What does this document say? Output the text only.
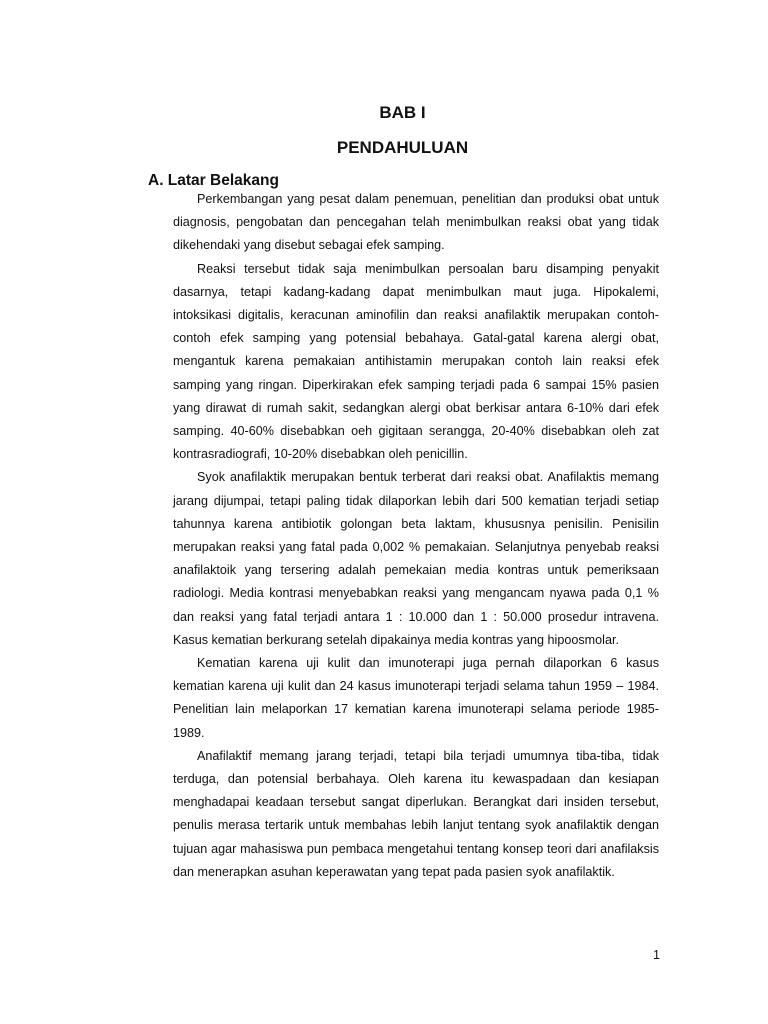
BAB I
PENDAHULUAN
A. Latar Belakang

Perkembangan yang pesat dalam penemuan, penelitian dan produksi obat untuk diagnosis, pengobatan dan pencegahan telah menimbulkan reaksi obat yang tidak dikehendaki yang disebut sebagai efek samping.

Reaksi tersebut tidak saja menimbulkan persoalan baru disamping penyakit dasarnya, tetapi kadang-kadang dapat menimbulkan maut juga. Hipokalemi, intoksikasi digitalis, keracunan aminofilin dan reaksi anafilaktik merupakan contoh-contoh efek samping yang potensial bebahaya. Gatal-gatal karena alergi obat, mengantuk karena pemakaian antihistamin merupakan contoh lain reaksi efek samping yang ringan. Diperkirakan efek samping terjadi pada 6 sampai 15% pasien yang dirawat di rumah sakit, sedangkan alergi obat berkisar antara 6-10% dari efek samping. 40-60% disebabkan oeh gigitaan serangga, 20-40% disebabkan oleh zat kontrasradiografi, 10-20% disebabkan oleh penicillin.

Syok anafilaktik merupakan bentuk terberat dari reaksi obat. Anafilaktis memang jarang dijumpai, tetapi paling tidak dilaporkan lebih dari 500 kematian terjadi setiap tahunnya karena antibiotik golongan beta laktam, khususnya penisilin. Penisilin merupakan reaksi yang fatal pada 0,002 % pemakaian. Selanjutnya penyebab reaksi anafilaktoik yang tersering adalah pemekaian media kontras untuk pemeriksaan radiologi. Media kontrasi menyebabkan reaksi yang mengancam nyawa pada 0,1 % dan reaksi yang fatal terjadi antara 1 : 10.000 dan 1 : 50.000 prosedur intravena. Kasus kematian berkurang setelah dipakainya media kontras yang hipoosmolar.

Kematian karena uji kulit dan imunoterapi juga pernah dilaporkan 6 kasus kematian karena uji kulit dan 24 kasus imunoterapi terjadi selama tahun 1959 – 1984. Penelitian lain melaporkan 17 kematian karena imunoterapi selama periode 1985-1989.

Anafilaktif memang jarang terjadi, tetapi bila terjadi umumnya tiba-tiba, tidak terduga, dan potensial berbahaya. Oleh karena itu kewaspadaan dan kesiapan menghadapai keadaan tersebut sangat diperlukan. Berangkat dari insiden tersebut, penulis merasa tertarik untuk membahas lebih lanjut tentang syok anafilaktik dengan tujuan agar mahasiswa pun pembaca mengetahui tentang konsep teori dari anafilaksis dan menerapkan asuhan keperawatan yang tepat pada pasien syok anafilaktik.

1
